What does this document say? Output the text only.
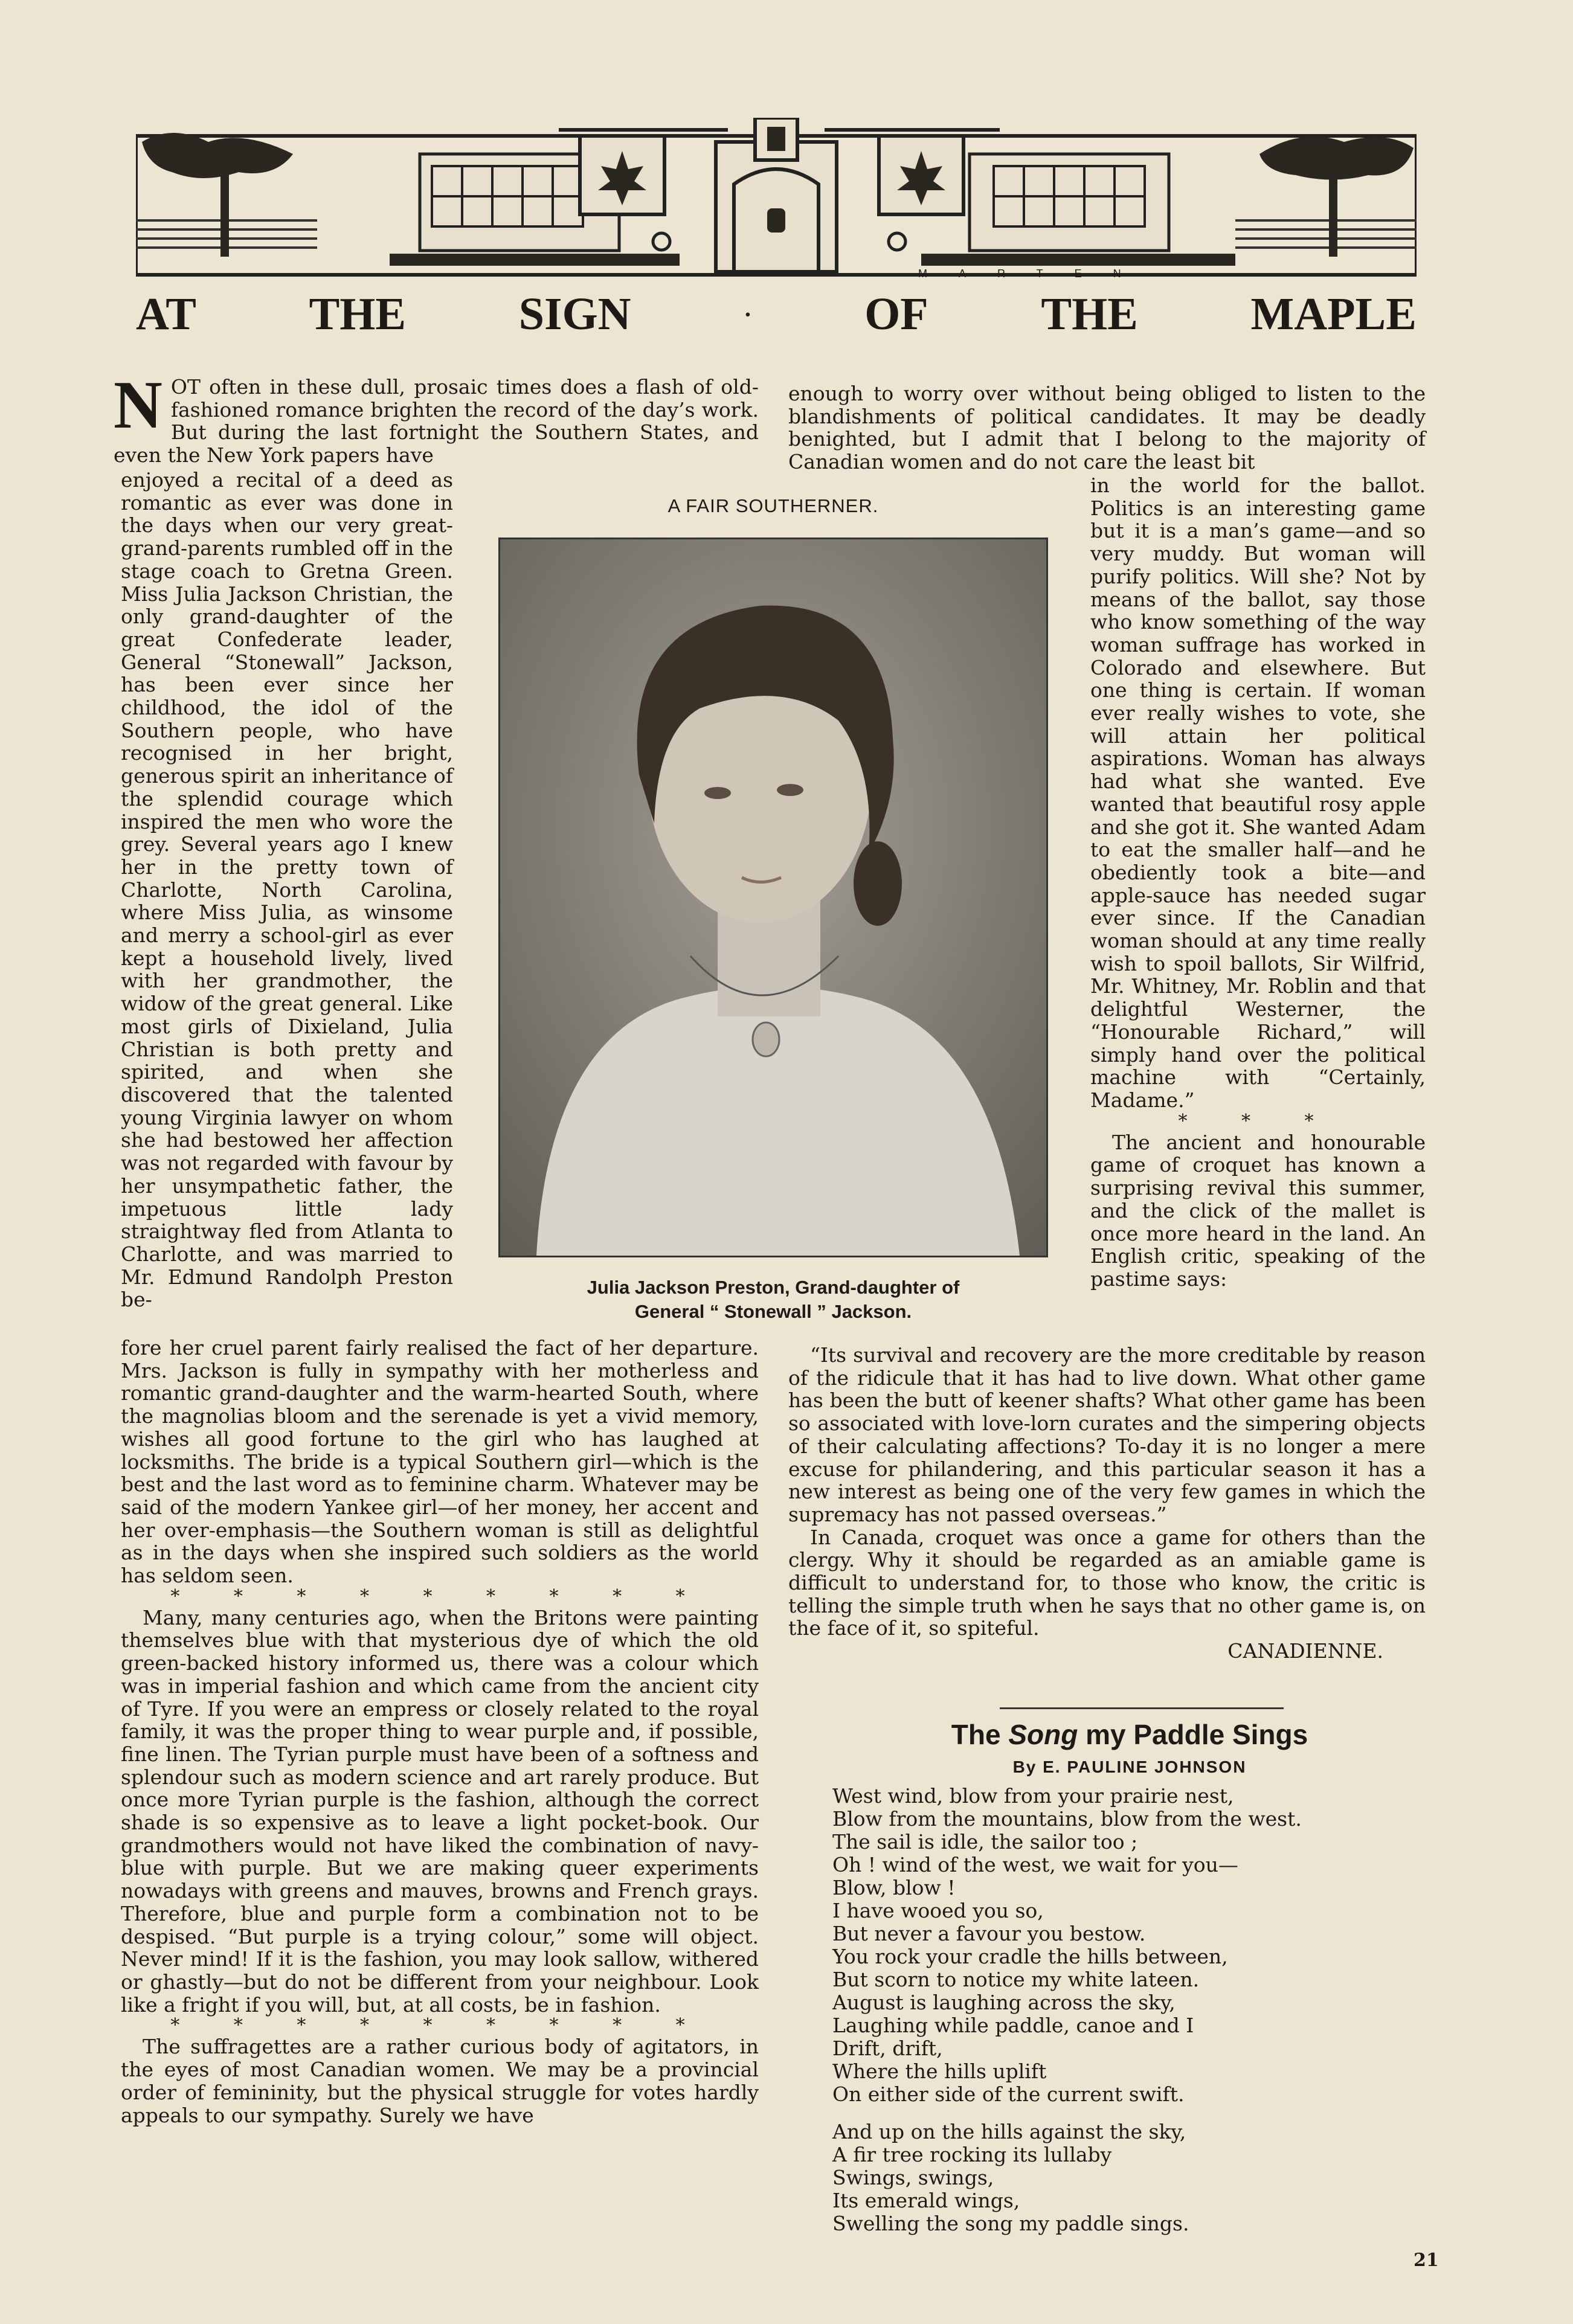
MARTEN
AT THE SIGN	· OF THE MAPLE
N OT often in these dull, prosaic times does a flash of old-fashioned romance brighten the record of the day’s work. But during the last fortnight the Southern States, and even the New York papers have

enjoyed a recital of a deed as romantic as ever was done in the days when our very great-grand-parents rumbled off in the stage coach to Gretna Green. Miss Julia Jackson Christian, the only grand-daughter of the great Confederate leader, General “Stonewall” Jackson, has been ever since her childhood, the idol of the Southern people, who have recognised in her bright, generous spirit an inheritance of the splendid courage which inspired the men who wore the grey. Several years ago I knew her in the pretty town of Charlotte, North Carolina, where Miss Julia, as winsome and merry a school-girl as ever kept a household lively, lived with her grandmother, the widow of the great general. Like most girls of Dixieland, Julia Christian is both pretty and spirited, and when she discovered that the talented young Virginia lawyer on whom she had bestowed her affection was not regarded with favour by her unsympathetic father, the impetuous little lady straightway fled from Atlanta to Charlotte, and was married to Mr. Edmund Randolph Preston be-

fore her cruel parent fairly realised the fact of her departure. Mrs. Jackson is fully in sympathy with her motherless and romantic grand-daughter and the warm-hearted South, where the magnolias bloom and the serenade is yet a vivid memory, wishes all good fortune to the girl who has laughed at locksmiths. The bride is a typical Southern girl—which is the best and the last word as to feminine charm. Whatever may be said of the modern Yankee girl—of her money, her accent and her over-emphasis—the Southern woman is still as delightful as in the days when she inspired such soldiers as the world has seldom seen.

* * * * * * * * *

Many, many centuries ago, when the Britons were painting themselves blue with that mysterious dye of which the old green-backed history informed us, there was a colour which was in imperial fashion and which came from the ancient city of Tyre. If you were an empress or closely related to the royal family, it was the proper thing to wear purple and, if possible, fine linen. The Tyrian purple must have been of a softness and splendour such as modern science and art rarely produce. But once more Tyrian purple is the fashion, although the correct shade is so expensive as to leave a light pocket-book. Our grandmothers would not have liked the combination of navy-blue with purple. But we are making queer experiments nowadays with greens and mauves, browns and French grays. Therefore, blue and purple form a combination not to be despised. “But purple is a trying colour,” some will object. Never mind! If it is the fashion, you may look sallow, withered or ghastly—but do not be different from your neighbour. Look like a fright if you will, but, at all costs, be in fashion.

* * * * * * * * *

The suffragettes are a rather curious body of agitators, in the eyes of most Canadian women. We may be a provincial order of femininity, but the physical struggle for votes hardly appeals to our sympathy. Surely we have

enough to worry over without being obliged to listen to the blandishments of political candidates. It may be deadly benighted, but I admit that I belong to the majority of Canadian women and do not care the least bit

in the world for the ballot. Politics is an interesting game but it is a man’s game—and so very muddy. But woman will purify politics. Will she? Not by means of the ballot, say those who know something of the way woman suffrage has worked in Colorado and elsewhere. But one thing is certain. If woman ever really wishes to vote, she will attain her political aspirations. Woman has always had what she wanted. Eve wanted that beautiful rosy apple and she got it. She wanted Adam to eat the smaller half—and he obediently took a bite—and apple-sauce has needed sugar ever since. If the Canadian woman should at any time really wish to spoil ballots, Sir Wilfrid, Mr. Whitney, Mr. Roblin and that delightful Westerner, the “Honourable Richard,” will simply hand over the political machine with “Certainly, Madame.”

* * *

The ancient and honourable game of croquet has known a surprising revival this summer, and the click of the mallet is once more heard in the land. An English critic, speaking of the pastime says:

“Its survival and recovery are the more creditable by reason of the ridicule that it has had to live down. What other game has been the butt of keener shafts? What other game has been so associated with love-lorn curates and the simpering objects of their calculating affections? To-day it is no longer a mere excuse for philandering, and this particular season it has a new interest as being one of the very few games in which the supremacy has not passed overseas.”

In Canada, croquet was once a game for others than the clergy. Why it should be regarded as an amiable game is difficult to understand for, to those who know, the critic is telling the simple truth when he says that no other game is, on the face of it, so spiteful.

CANADIENNE.
A FAIR SOUTHERNER.
Julia Jackson Preston, Grand-daughter of
General “ Stonewall ” Jackson.
The Song my Paddle Sings
By E. PAULINE JOHNSON
West wind, blow from your prairie nest,
Blow from the mountains, blow from the west.
The sail is idle, the sailor too ;
Oh ! wind of the west, we wait for you—
Blow, blow !
I have wooed you so,
But never a favour you bestow.
You rock your cradle the hills between,
But scorn to notice my white lateen.
August is laughing across the sky,
Laughing while paddle, canoe and I
Drift, drift,
Where the hills uplift
On either side of the current swift.
And up on the hills against the sky,
A fir tree rocking its lullaby
Swings, swings,
Its emerald wings,
Swelling the song my paddle sings.
21
